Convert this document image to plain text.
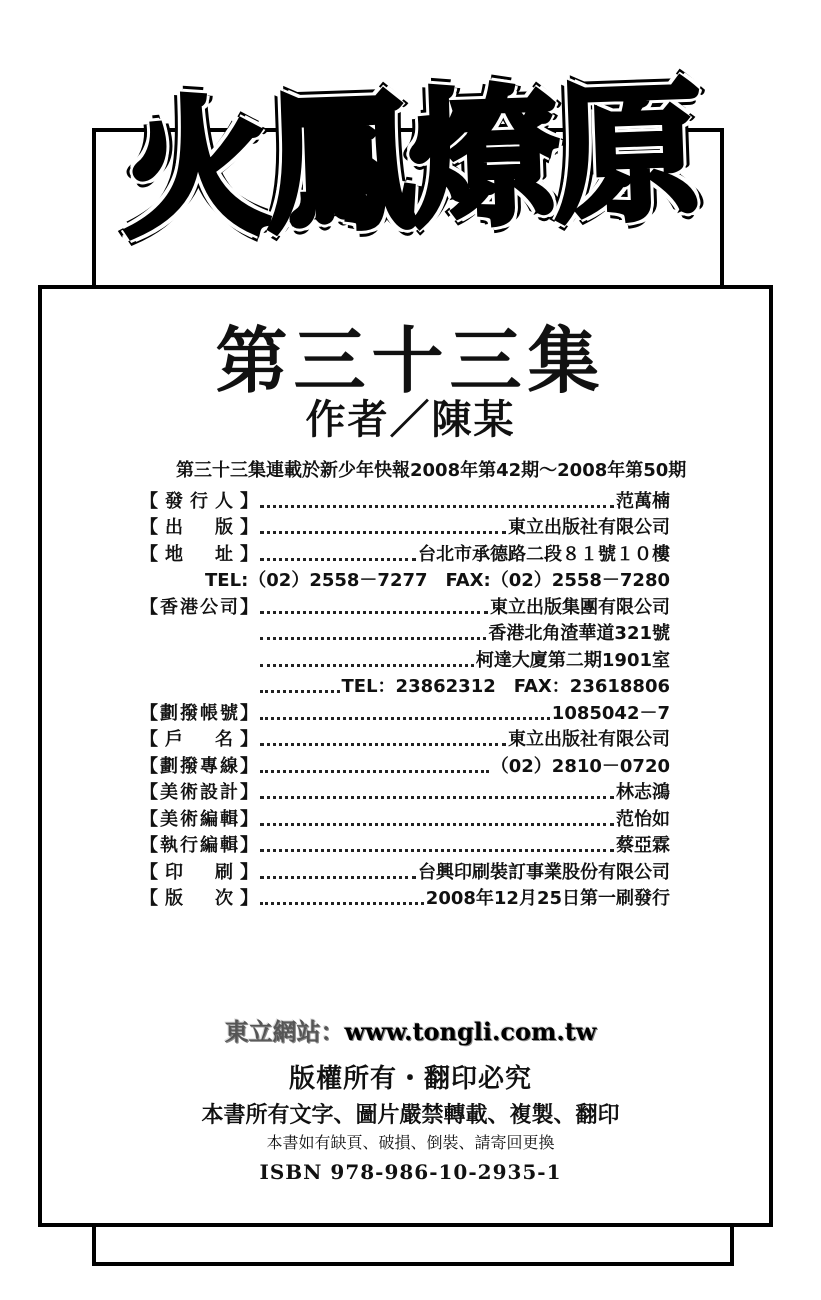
火鳳燎原
第三十三集
作者／陳某
第三十三集連載於新少年快報2008年第42期～2008年第50期
【發行人】	范萬楠
【出　版】	東立出版社有限公司
【地　址】	台北市承德路二段８１號１０樓
TEL:（02）2558－7277　FAX:（02）2558－7280
【香港公司】	東立出版集團有限公司
香港北角渣華道321號
柯達大廈第二期1901室
TEL：23862312　FAX：23618806
【劃撥帳號】	1085042－7
【戶　名】	東立出版社有限公司
【劃撥專線】	（02）2810－0720
【美術設計】	林志鴻
【美術編輯】	范怡如
【執行編輯】	蔡亞霖
【印　刷】	台興印刷裝訂事業股份有限公司
【版　次】	2008年12月25日第一刷發行
東立網站：www.tongli.com.tw
版權所有・翻印必究
本書所有文字、圖片嚴禁轉載、複製、翻印
本書如有缺頁、破損、倒裝、請寄回更換
ISBN 978-986-10-2935-1
